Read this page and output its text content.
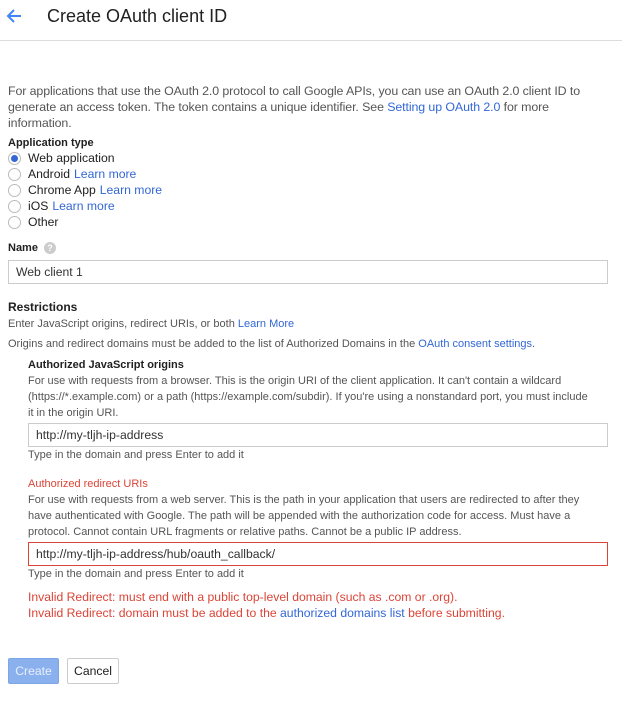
Create OAuth client ID
For applications that use the OAuth 2.0 protocol to call Google APIs, you can use an OAuth 2.0 client ID to generate an access token. The token contains a unique identifier. See Setting up OAuth 2.0 for more information.
Application type
Web application
Android Learn more
Chrome App Learn more
iOS Learn more
Other
Name ?
Web client 1
Restrictions
Enter JavaScript origins, redirect URIs, or both Learn More
Origins and redirect domains must be added to the list of Authorized Domains in the OAuth consent settings.
Authorized JavaScript origins
For use with requests from a browser. This is the origin URI of the client application. It can't contain a wildcard (https://*.example.com) or a path (https://example.com/subdir). If you're using a nonstandard port, you must include it in the origin URI.
http://my-tljh-ip-address
Type in the domain and press Enter to add it
Authorized redirect URIs
For use with requests from a web server. This is the path in your application that users are redirected to after they have authenticated with Google. The path will be appended with the authorization code for access. Must have a protocol. Cannot contain URL fragments or relative paths. Cannot be a public IP address.
http://my-tljh-ip-address/hub/oauth_callback/
Type in the domain and press Enter to add it
Invalid Redirect: must end with a public top-level domain (such as .com or .org).
Invalid Redirect: domain must be added to the authorized domains list before submitting.
Create	Cancel
